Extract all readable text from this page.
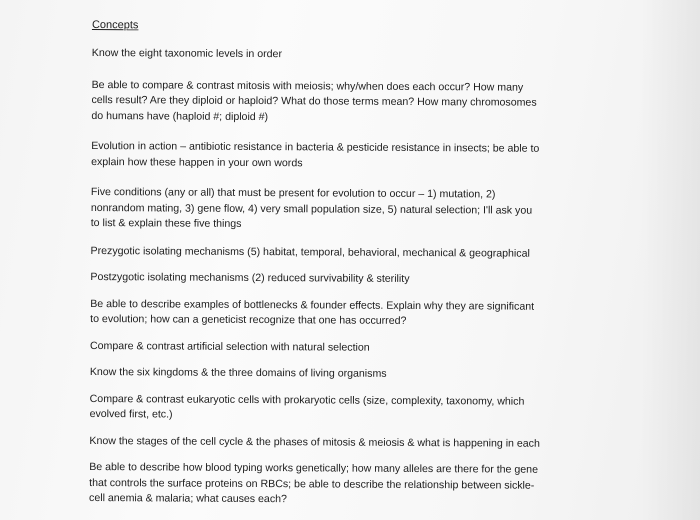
Concepts
Know the eight taxonomic levels in order
Be able to compare & contrast mitosis with meiosis; why/when does each occur? How many
cells result? Are they diploid or haploid? What do those terms mean? How many chromosomes
do humans have (haploid #; diploid #)
Evolution in action – antibiotic resistance in bacteria & pesticide resistance in insects; be able to
explain how these happen in your own words
Five conditions (any or all) that must be present for evolution to occur – 1) mutation, 2)
nonrandom mating, 3) gene flow, 4) very small population size, 5) natural selection; I'll ask you
to list & explain these five things
Prezygotic isolating mechanisms (5) habitat, temporal, behavioral, mechanical & geographical
Postzygotic isolating mechanisms (2) reduced survivability & sterility
Be able to describe examples of bottlenecks & founder effects. Explain why they are significant
to evolution; how can a geneticist recognize that one has occurred?
Compare & contrast artificial selection with natural selection
Know the six kingdoms & the three domains of living organisms
Compare & contrast eukaryotic cells with prokaryotic cells (size, complexity, taxonomy, which
evolved first, etc.)
Know the stages of the cell cycle & the phases of mitosis & meiosis & what is happening in each
Be able to describe how blood typing works genetically; how many alleles are there for the gene
that controls the surface proteins on RBCs; be able to describe the relationship between sickle-
cell anemia & malaria; what causes each?
